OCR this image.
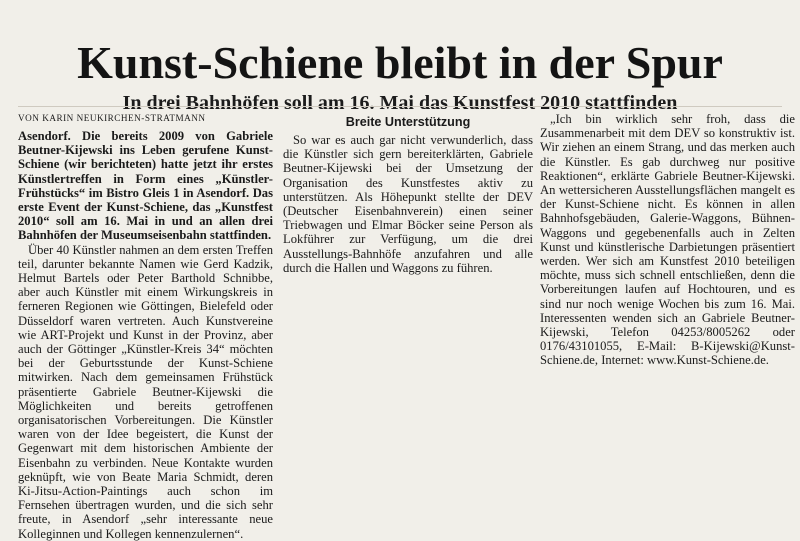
Kunst-Schiene bleibt in der Spur
In drei Bahnhöfen soll am 16. Mai das Kunstfest 2010 stattfinden

VON KARIN NEUKIRCHEN-STRATMANN

Asendorf. Die bereits 2009 von Gabriele Beutner-Kijewski ins Leben gerufene Kunst-Schiene (wir berichteten) hatte jetzt ihr erstes Künstlertreffen in Form eines „Künstler-Frühstücks“ im Bistro Gleis 1 in Asendorf. Das erste Event der Kunst-Schiene, das „Kunstfest 2010“ soll am 16. Mai in und an allen drei Bahnhöfen der Museumseisenbahn stattfinden.

Über 40 Künstler nahmen an dem ersten Treffen teil, darunter bekannte Namen wie Gerd Kadzik, Helmut Bartels oder Peter Barthold Schnibbe, aber auch Künstler mit einem Wirkungskreis in ferneren Regionen wie Göttingen, Bielefeld oder Düsseldorf waren vertreten. Auch Kunstvereine wie ART-Projekt und Kunst in der Provinz, aber auch der Göttinger „Künstler-Kreis 34“ möchten bei der Geburtsstunde der Kunst-Schiene mitwirken. Nach dem gemeinsamen Frühstück präsentierte Gabriele Beutner-Kijewski die Möglichkeiten und bereits getroffenen organisatorischen Vorbereitungen. Die Künstler waren von der Idee begeistert, die Kunst der Gegenwart mit dem historischen Ambiente der Eisenbahn zu verbinden. Neue Kontakte wurden geknüpft, wie von Beate Maria Schmidt, deren Ki-Jitsu-Action-Paintings auch schon im Fernsehen übertragen wurden, und die sich sehr freute, in Asendorf „sehr interessante neue Kolleginnen und Kollegen kennenzulernen“.

Breite Unterstützung

So war es auch gar nicht verwunderlich, dass die Künstler sich gern bereiterklärten, Gabriele Beutner-Kijewski bei der Umsetzung der Organisation des Kunstfestes aktiv zu unterstützen. Als Höhepunkt stellte der DEV (Deutscher Eisenbahnverein) einen seiner Triebwagen und Elmar Böcker seine Person als Lokführer zur Verfügung, um die drei Ausstellungs-Bahnhöfe anzufahren und alle durch die Hallen und Waggons zu führen.

„Ich bin wirklich sehr froh, dass die Zusammenarbeit mit dem DEV so konstruktiv ist. Wir ziehen an einem Strang, und das merken auch die Künstler. Es gab durchweg nur positive Reaktionen“, erklärte Gabriele Beutner-Kijewski. An wettersicheren Ausstellungsflächen mangelt es der Kunst-Schiene nicht. Es können in allen Bahnhofsgebäuden, Galerie-Waggons, Bühnen-Waggons und gegebenenfalls auch in Zelten Kunst und künstlerische Darbietungen präsentiert werden. Wer sich am Kunstfest 2010 beteiligen möchte, muss sich schnell entschließen, denn die Vorbereitungen laufen auf Hochtouren, und es sind nur noch wenige Wochen bis zum 16. Mai. Interessenten wenden sich an Gabriele Beutner-Kijewski, Telefon 04253/8005262 oder 0176/43101055, E-Mail: B-Kijewski@Kunst-Schiene.de, Internet: www.Kunst-Schiene.de.
